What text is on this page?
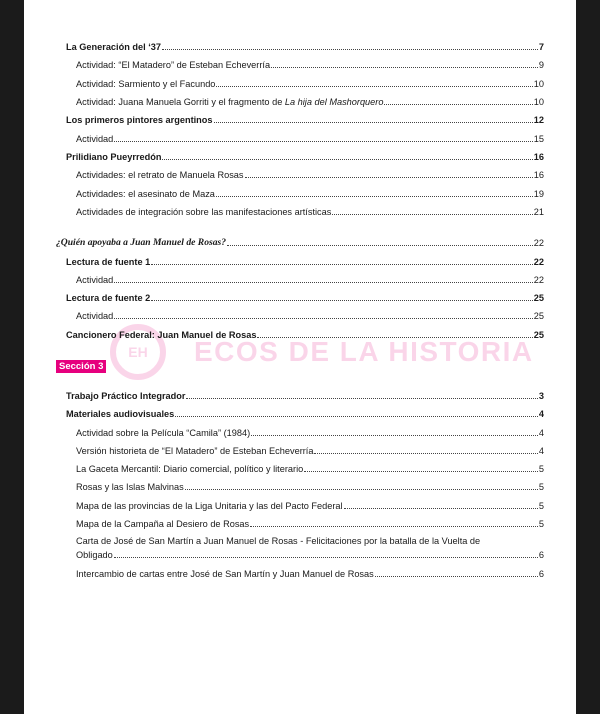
EH	ECOS DE LA HISTORIA
La Generación del ‘37	7
Actividad: “El Matadero” de Esteban Echeverría	9
Actividad: Sarmiento y el Facundo	10
Actividad: Juana Manuela Gorriti y el fragmento de La hija del Mashorquero	10
Los primeros pintores argentinos	12
Actividad	15
Prilidiano Pueyrredón	16
Actividades: el retrato de Manuela Rosas	16
Actividades: el asesinato de Maza	19
Actividades de integración sobre las manifestaciones artísticas	21
¿Quién apoyaba a Juan Manuel de Rosas?	22
Lectura de fuente 1	22
Actividad	22
Lectura de fuente 2	25
Actividad	25
Cancionero Federal: Juan Manuel de Rosas	25
Sección 3
Trabajo Práctico Integrador	3
Materiales audiovisuales	4
Actividad sobre la Película “Camila” (1984)	4
Versión historieta de “El Matadero” de Esteban Echeverría	4
La Gaceta Mercantil: Diario comercial, político y literario	5
Rosas y las Islas Malvinas	5
Mapa de las provincias de la Liga Unitaria y las del Pacto Federal	5
Mapa de la Campaña al Desiero de Rosas	5
Carta de José de San Martín a Juan Manuel de Rosas - Felicitaciones por la batalla de la Vuelta de
Obligado	6
Intercambio de cartas entre José de San Martín y Juan Manuel de Rosas	6
